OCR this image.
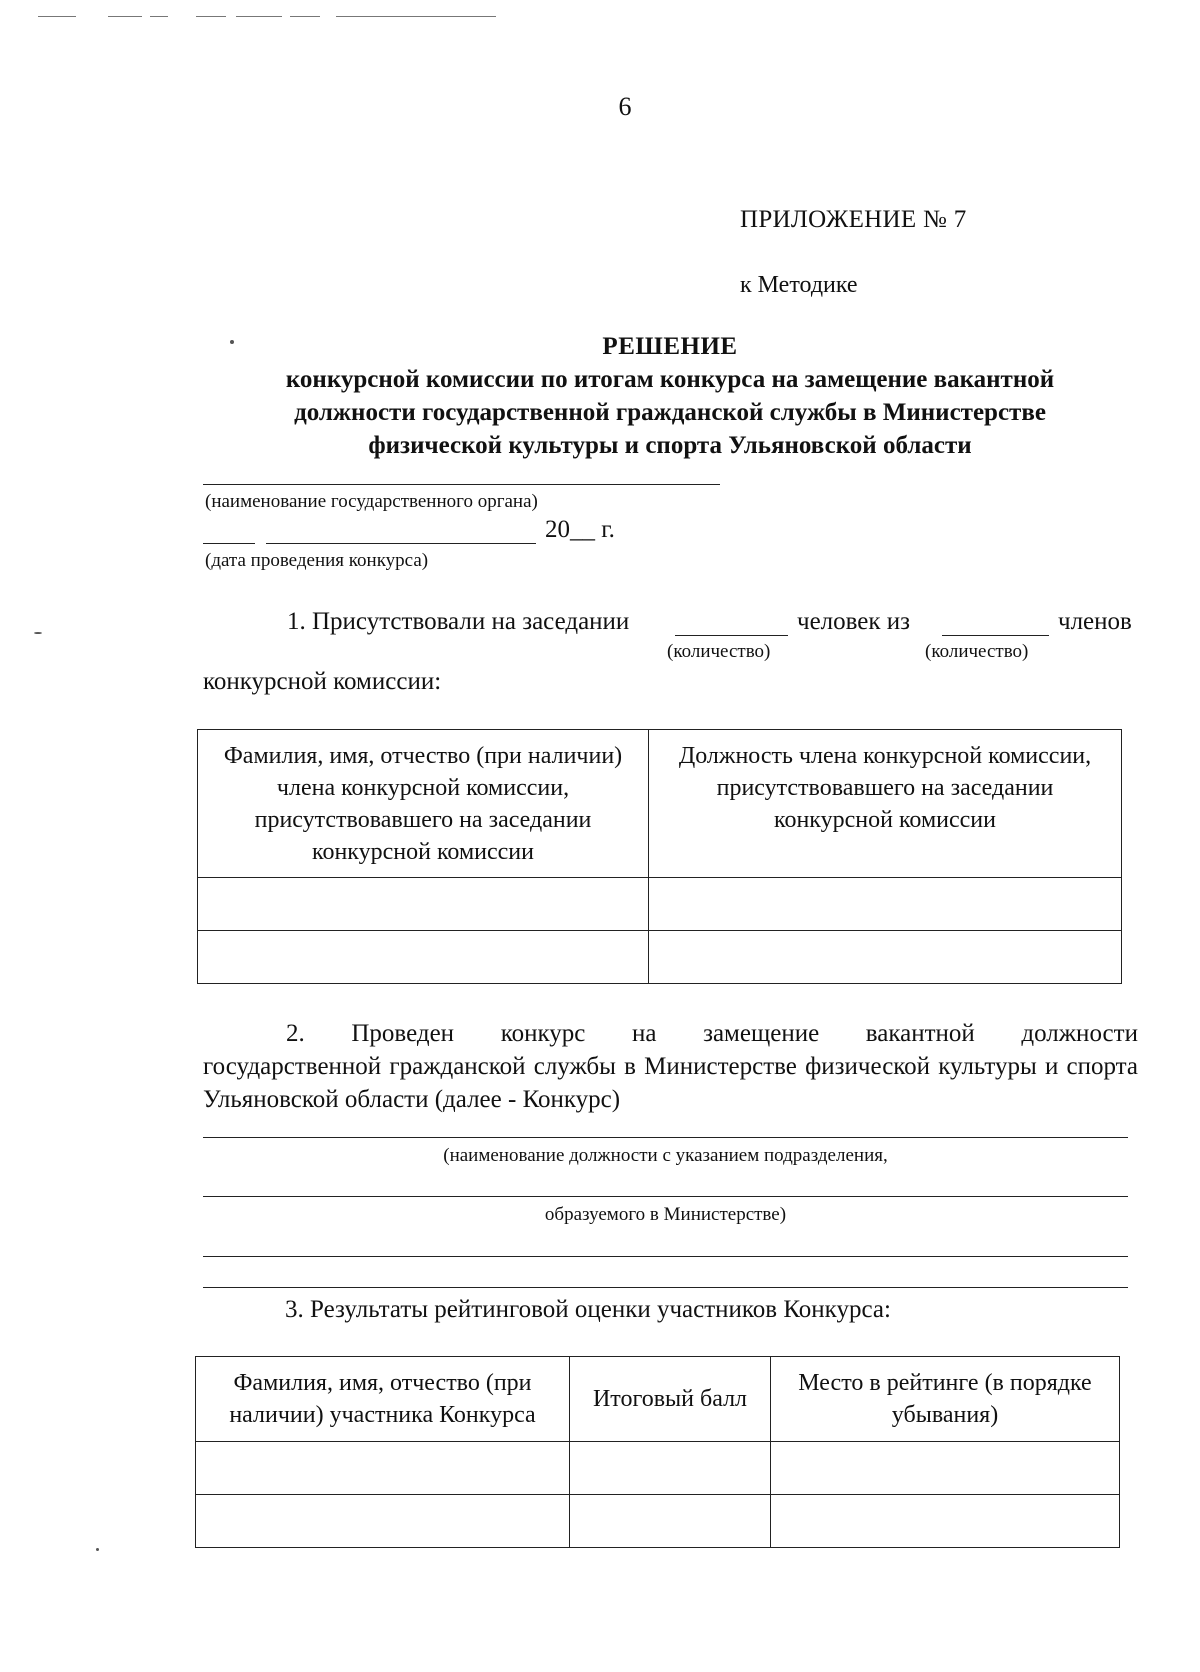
6
ПРИЛОЖЕНИЕ № 7
к Методике
РЕШЕНИЕ
конкурсной комиссии по итогам конкурса на замещение вакантной
должности государственной гражданской службы в Министерстве
физической культуры и спорта Ульяновской области
(наименование государственного органа)
20__ г.
(дата проведения конкурса)
1. Присутствовали на заседании	человек из	членов
(количество)	(количество)
конкурсной комиссии:
Фамилия, имя, отчество (при наличии) члена конкурсной комиссии, присутствовавшего на заседании конкурсной комиссии	Должность члена конкурсной комиссии, присутствовавшего на заседании конкурсной комиссии

2. Проведен конкурс на замещение вакантной должности
государственной гражданской службы в Министерстве физической культуры и спорта Ульяновской области (далее - Конкурс)
(наименование должности с указанием подразделения,
образуемого в Министерстве)
3. Результаты рейтинговой оценки участников Конкурса:
Фамилия, имя, отчество (при наличии) участника Конкурса	Итоговый балл	Место в рейтинге (в порядке убывания)
